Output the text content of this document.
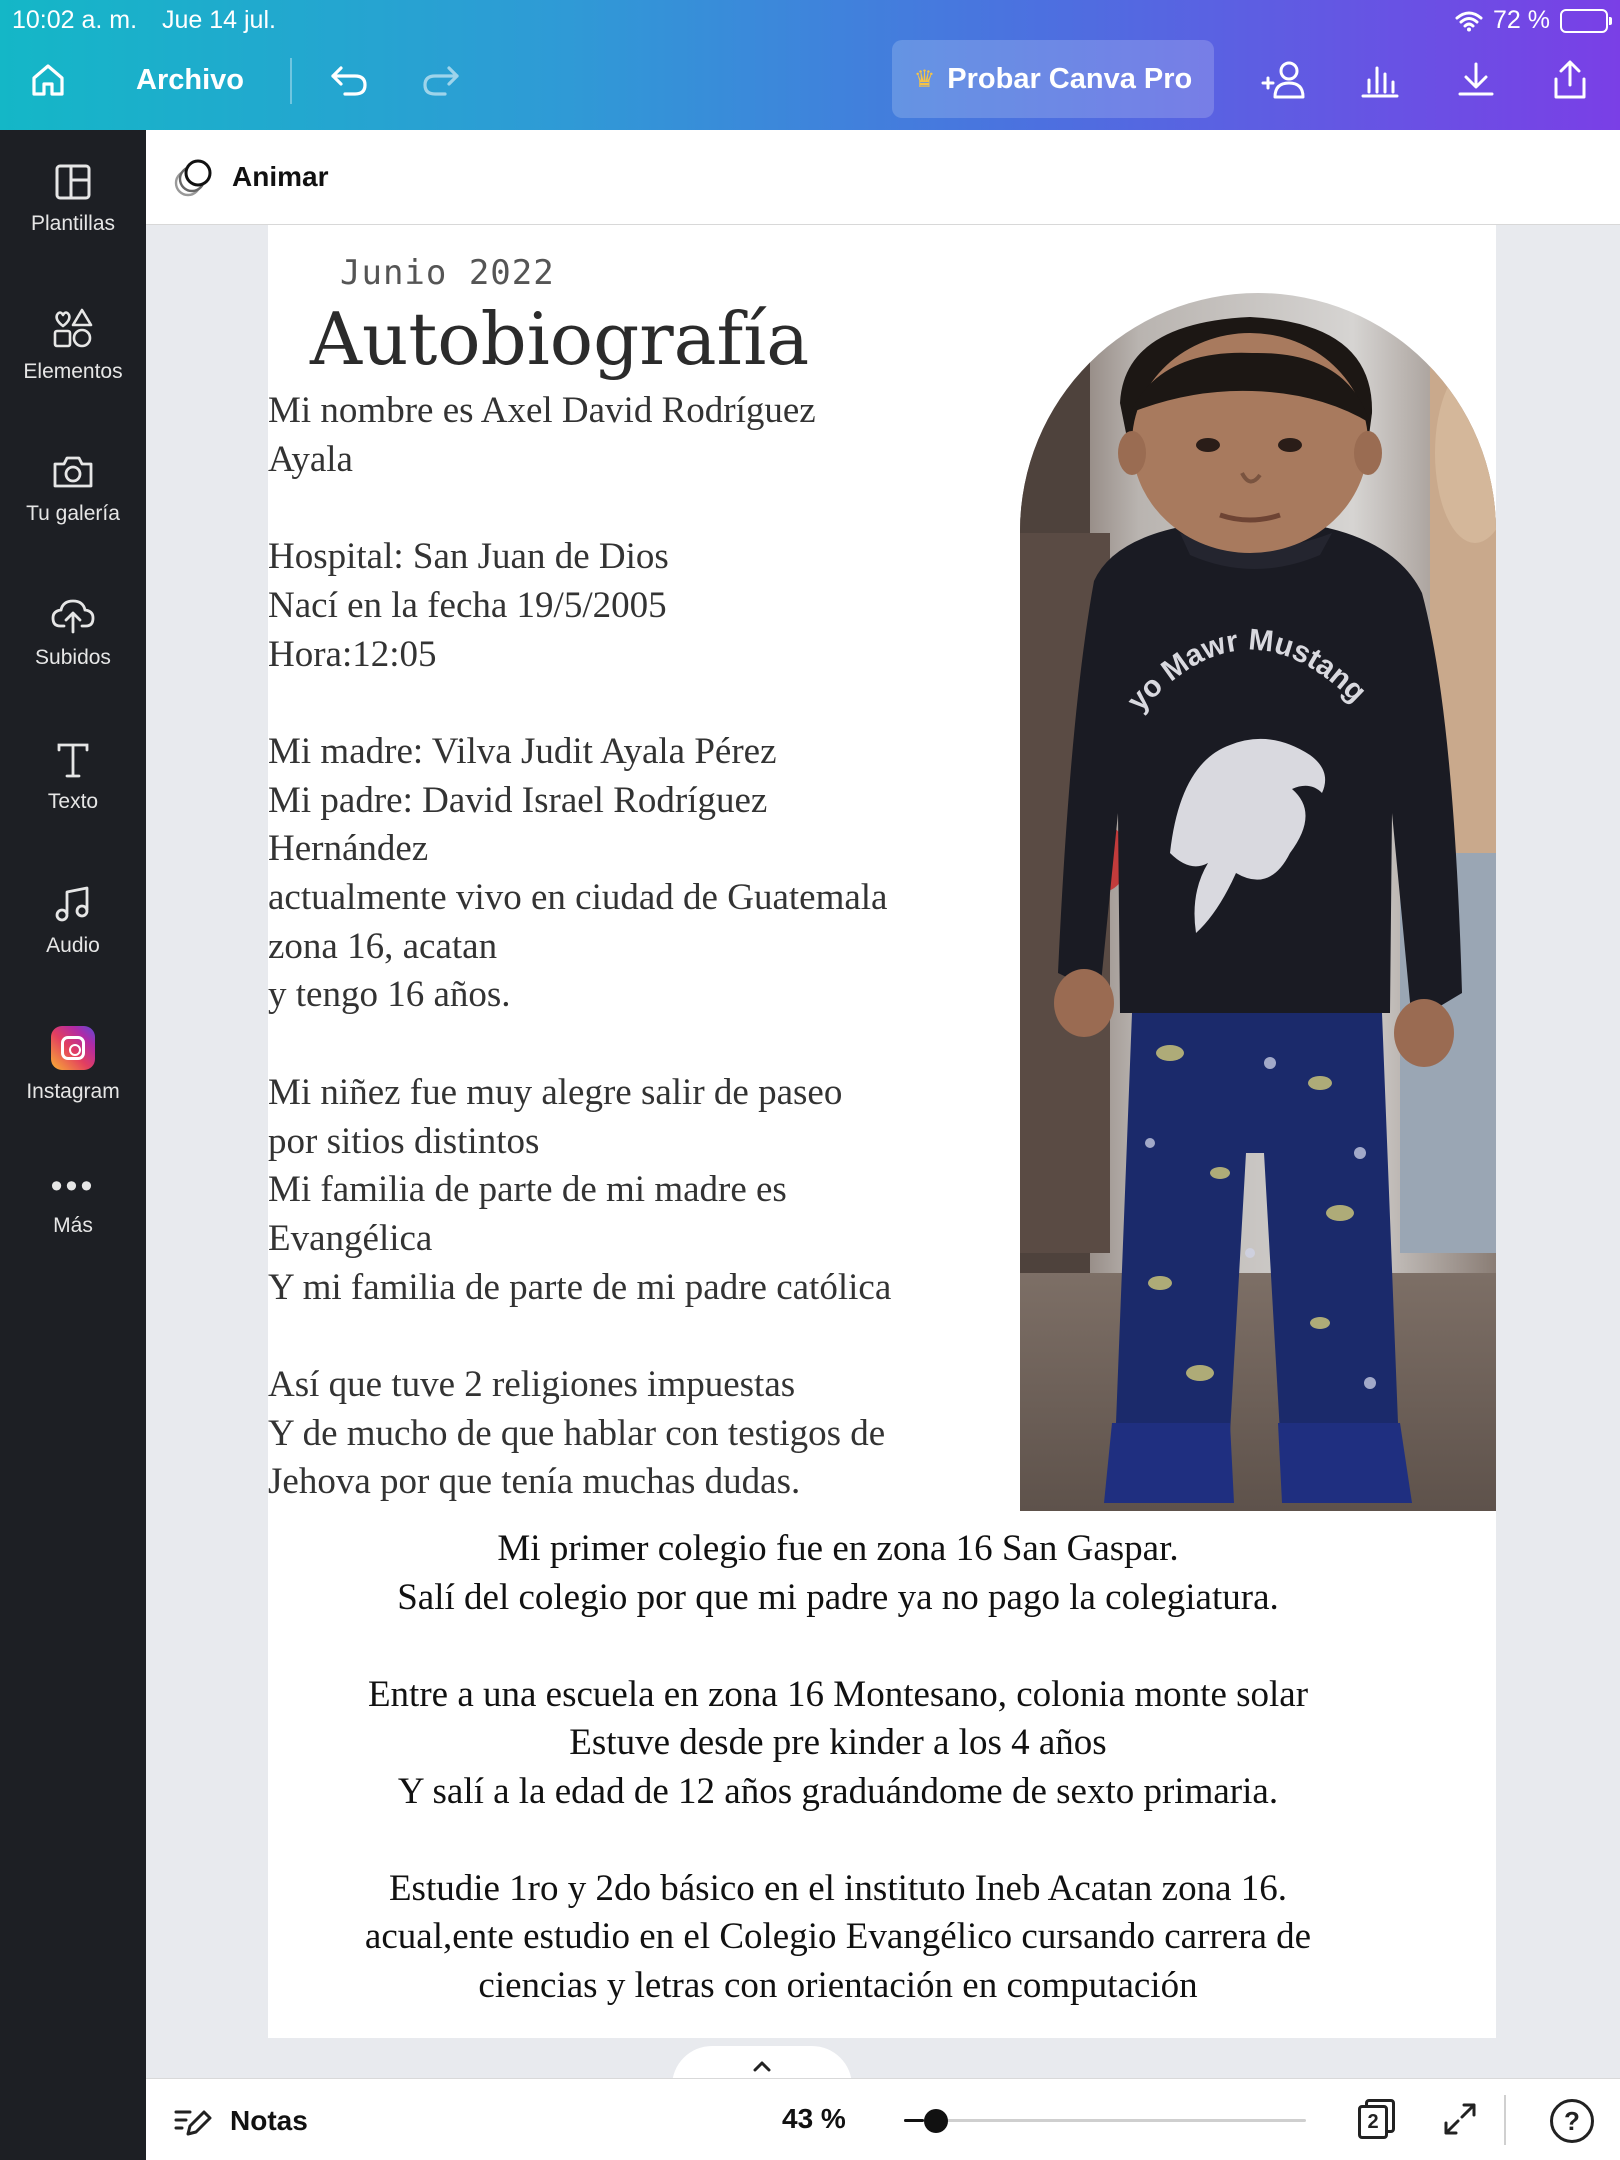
10:02 a. m. Jue 14 jul.	72 %
Archivo	♛ Probar Canva Pro
Plantillas
Elementos
Tu galería
Subidos
Texto
Audio
Instagram
•••
Más
Animar
Junio 2022
Autobiografía

Mi nombre es Axel David Rodríguez

Ayala

Hospital: San Juan de Dios

Nací en la fecha 19/5/2005

Hora:12:05

Mi madre: Vilva Judit Ayala Pérez

Mi padre: David Israel Rodríguez

Hernández

actualmente vivo en ciudad de Guatemala

zona 16, acatan

y tengo 16 años.

Mi niñez fue muy alegre salir de paseo

por sitios distintos

Mi familia de parte de mi madre es

Evangélica

Y mi familia de parte de mi padre católica

Así que tuve 2 religiones impuestas

Y de mucho de que hablar con testigos de

Jehova por que tenía muchas dudas.

yo Mawr Mustang

Mi primer colegio fue en zona 16 San Gaspar.

Salí del colegio por que mi padre ya no pago la colegiatura.

Entre a una escuela en zona 16 Montesano, colonia monte solar

Estuve desde pre kinder a los 4 años

Y salí a la edad de 12 años graduándome de sexto primaria.

Estudie 1ro y 2do básico en el instituto Ineb Acatan zona 16.

acual,ente estudio en el Colegio Evangélico cursando carrera de

ciencias y letras con orientación en computación

Notas	43 %	2	?
